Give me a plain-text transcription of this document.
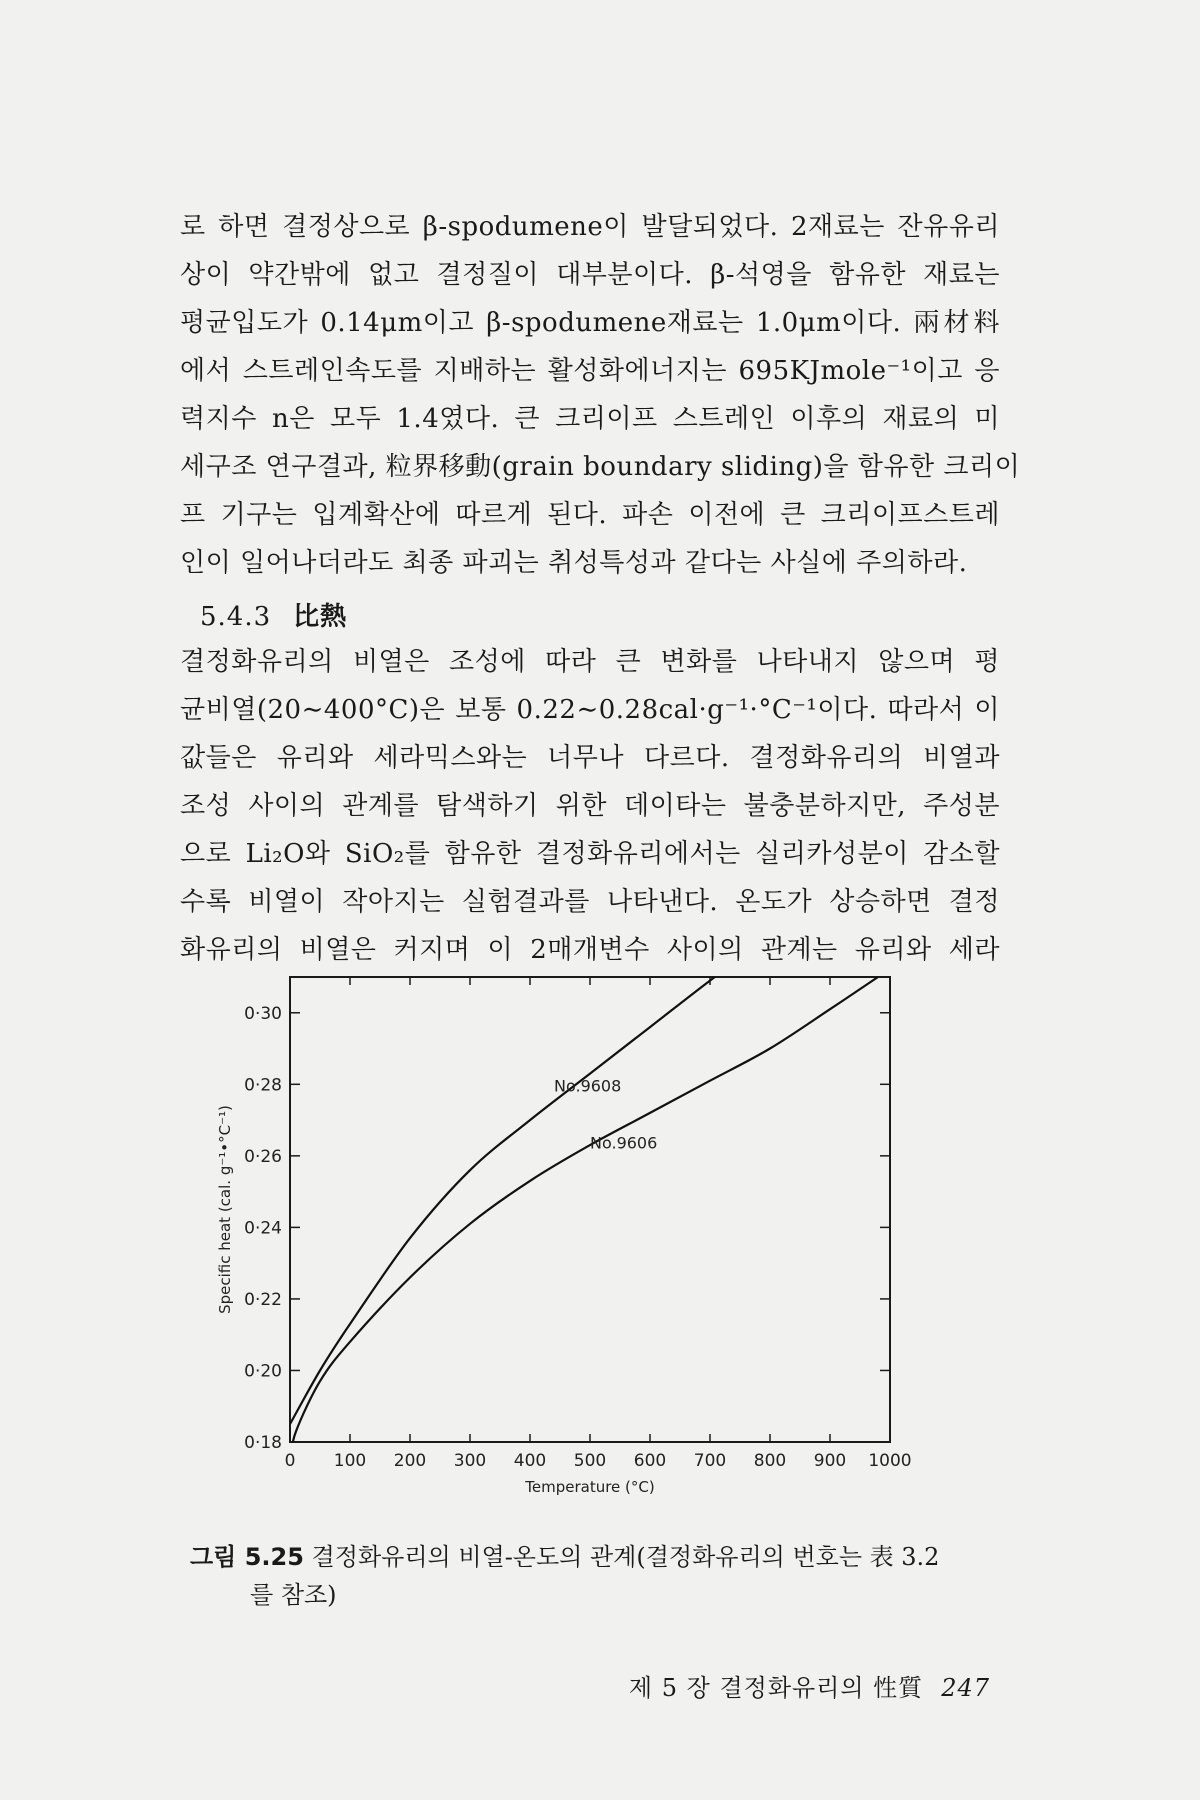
로 하면 결정상으로 β-spodumene이 발달되었다. 2재료는 잔유유리
상이 약간밖에 없고 결정질이 대부분이다. β-석영을 함유한 재료는
평균입도가 0.14μm이고 β-spodumene재료는 1.0μm이다. 兩材料
에서 스트레인속도를 지배하는 활성화에너지는 695KJmole⁻¹이고 응
력지수 n은 모두 1.4였다. 큰 크리이프 스트레인 이후의 재료의 미
세구조 연구결과, 粒界移動(grain boundary sliding)을 함유한 크리이
프 기구는 입계확산에 따르게 된다. 파손 이전에 큰 크리이프스트레
인이 일어나더라도 최종 파괴는 취성특성과 같다는 사실에 주의하라.
5.4.3 比熱
결정화유리의 비열은 조성에 따라 큰 변화를 나타내지 않으며 평
균비열(20∼400°C)은 보통 0.22∼0.28cal·g⁻¹·°C⁻¹이다. 따라서 이
값들은 유리와 세라믹스와는 너무나 다르다. 결정화유리의 비열과
조성 사이의 관계를 탐색하기 위한 데이타는 불충분하지만, 주성분
으로 Li₂O와 SiO₂를 함유한 결정화유리에서는 실리카성분이 감소할
수록 비열이 작아지는 실험결과를 나타낸다. 온도가 상승하면 결정
화유리의 비열은 커지며 이 2매개변수 사이의 관계는 유리와 세라
0 100 200 300 400 500 600 700 800 900 1000
0·18
0·20
0·22
0·24
0·26
0·28
0·30
Temperature (°C)
Specific heat (cal. g⁻¹•°C⁻¹)
No.9608
No.9606
그림 5.25 결정화유리의 비열-온도의 관계(결정화유리의 번호는 表 3.2
를 참조)
제 5 장 결정화유리의 性質 247
